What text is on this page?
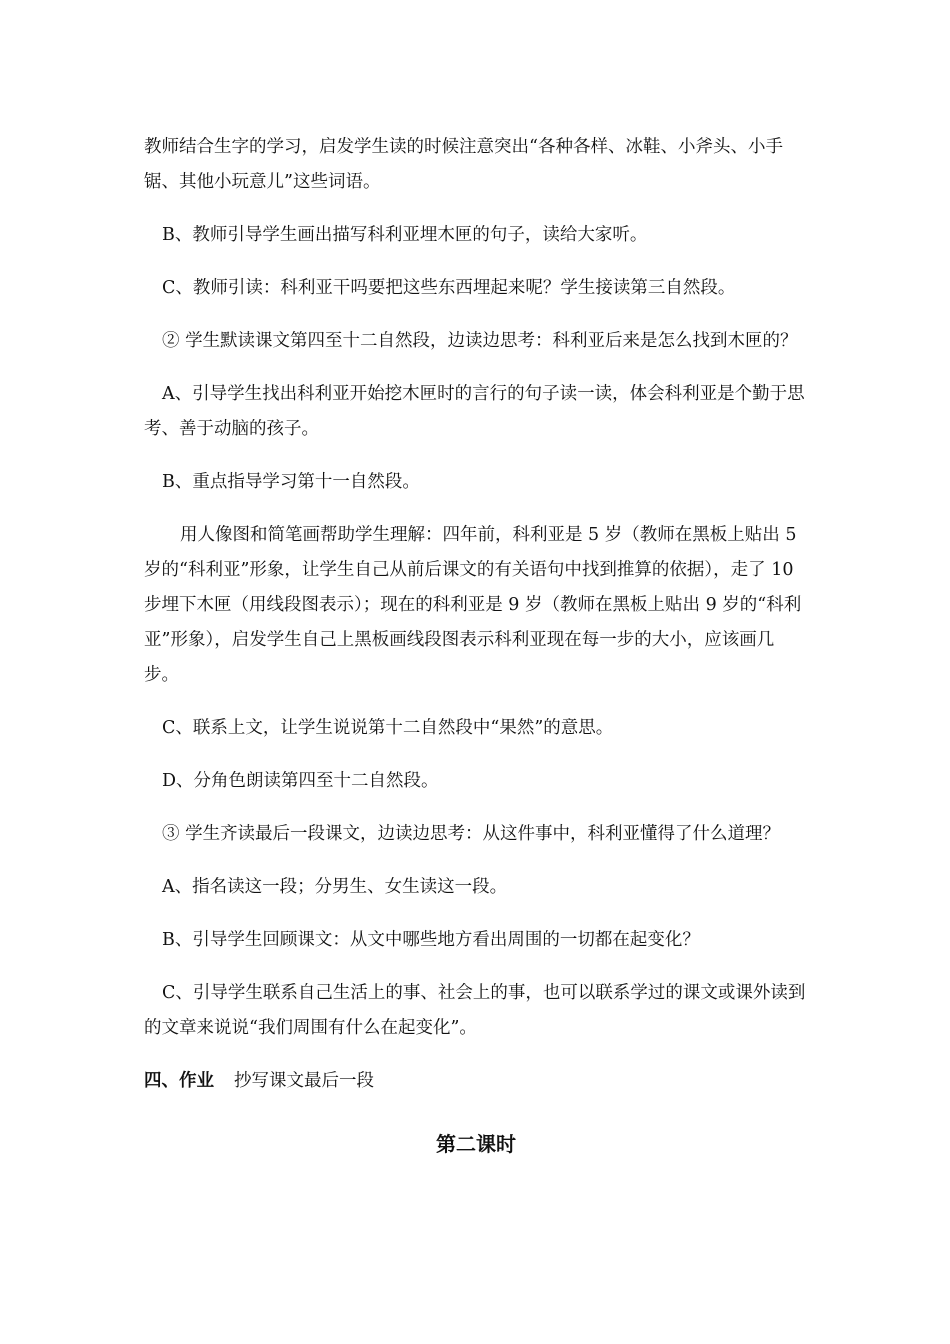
教师结合生字的学习，启发学生读的时候注意突出“各种各样、冰鞋、小斧头、小手锯、其他小玩意儿”这些词语。

B、教师引导学生画出描写科利亚埋木匣的句子，读给大家听。

C、教师引读：科利亚干吗要把这些东西埋起来呢？学生接读第三自然段。

② 学生默读课文第四至十二自然段，边读边思考：科利亚后来是怎么找到木匣的？

A、引导学生找出科利亚开始挖木匣时的言行的句子读一读，体会科利亚是个勤于思考、善于动脑的孩子。

B、重点指导学习第十一自然段。

用人像图和简笔画帮助学生理解：四年前，科利亚是 5 岁（教师在黑板上贴出 5 岁的“科利亚”形象，让学生自己从前后课文的有关语句中找到推算的依据），走了 10 步埋下木匣（用线段图表示）；现在的科利亚是 9 岁（教师在黑板上贴出 9 岁的“科利亚”形象），启发学生自己上黑板画线段图表示科利亚现在每一步的大小，应该画几步。

C、联系上文，让学生说说第十二自然段中“果然”的意思。

D、分角色朗读第四至十二自然段。

③ 学生齐读最后一段课文，边读边思考：从这件事中，科利亚懂得了什么道理？

A、指名读这一段；分男生、女生读这一段。

B、引导学生回顾课文：从文中哪些地方看出周围的一切都在起变化？

C、引导学生联系自己生活上的事、社会上的事，也可以联系学过的课文或课外读到的文章来说说“我们周围有什么在起变化”。

四、作业 抄写课文最后一段

第二课时
